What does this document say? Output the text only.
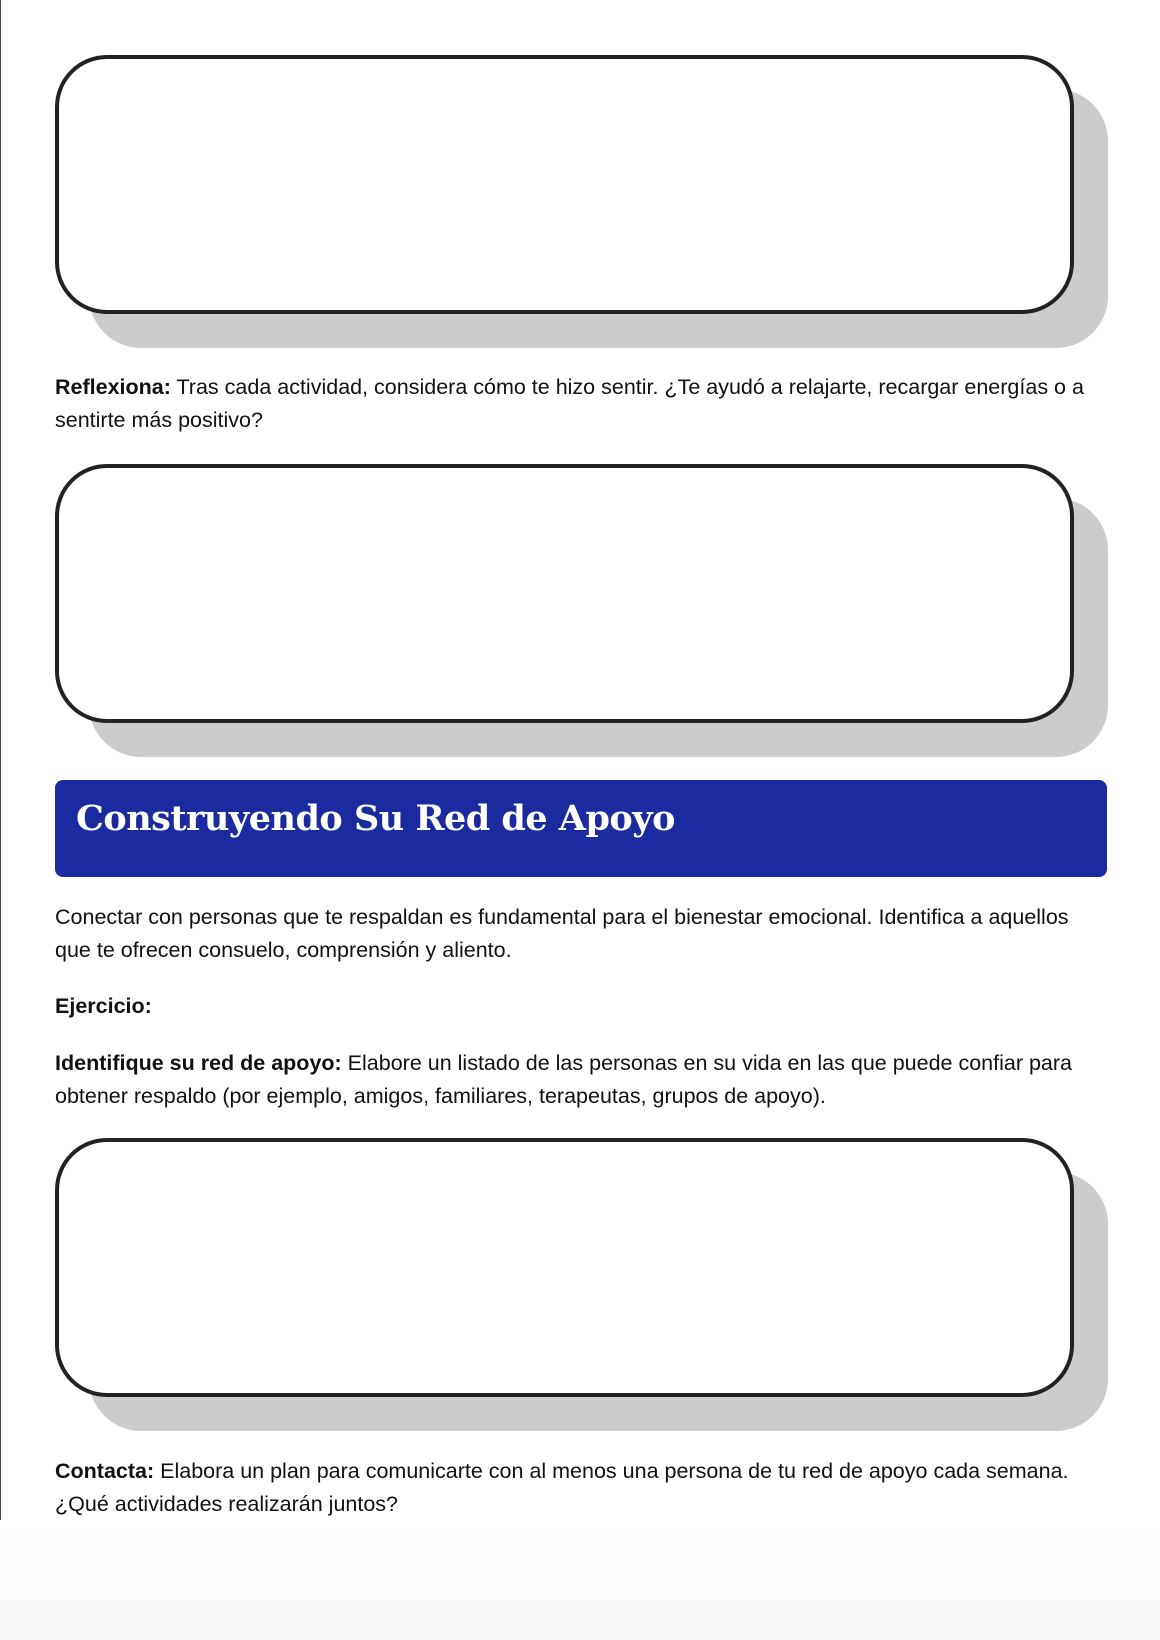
Reflexiona: Tras cada actividad, considera cómo te hizo sentir. ¿Te ayudó a relajarte, recargar energías o a sentirte más positivo?

Construyendo Su Red de Apoyo

Conectar con personas que te respaldan es fundamental para el bienestar emocional. Identifica a aquellos que te ofrecen consuelo, comprensión y aliento.

Ejercicio:

Identifique su red de apoyo: Elabore un listado de las personas en su vida en las que puede confiar para obtener respaldo (por ejemplo, amigos, familiares, terapeutas, grupos de apoyo).

Contacta: Elabora un plan para comunicarte con al menos una persona de tu red de apoyo cada semana. ¿Qué actividades realizarán juntos?
